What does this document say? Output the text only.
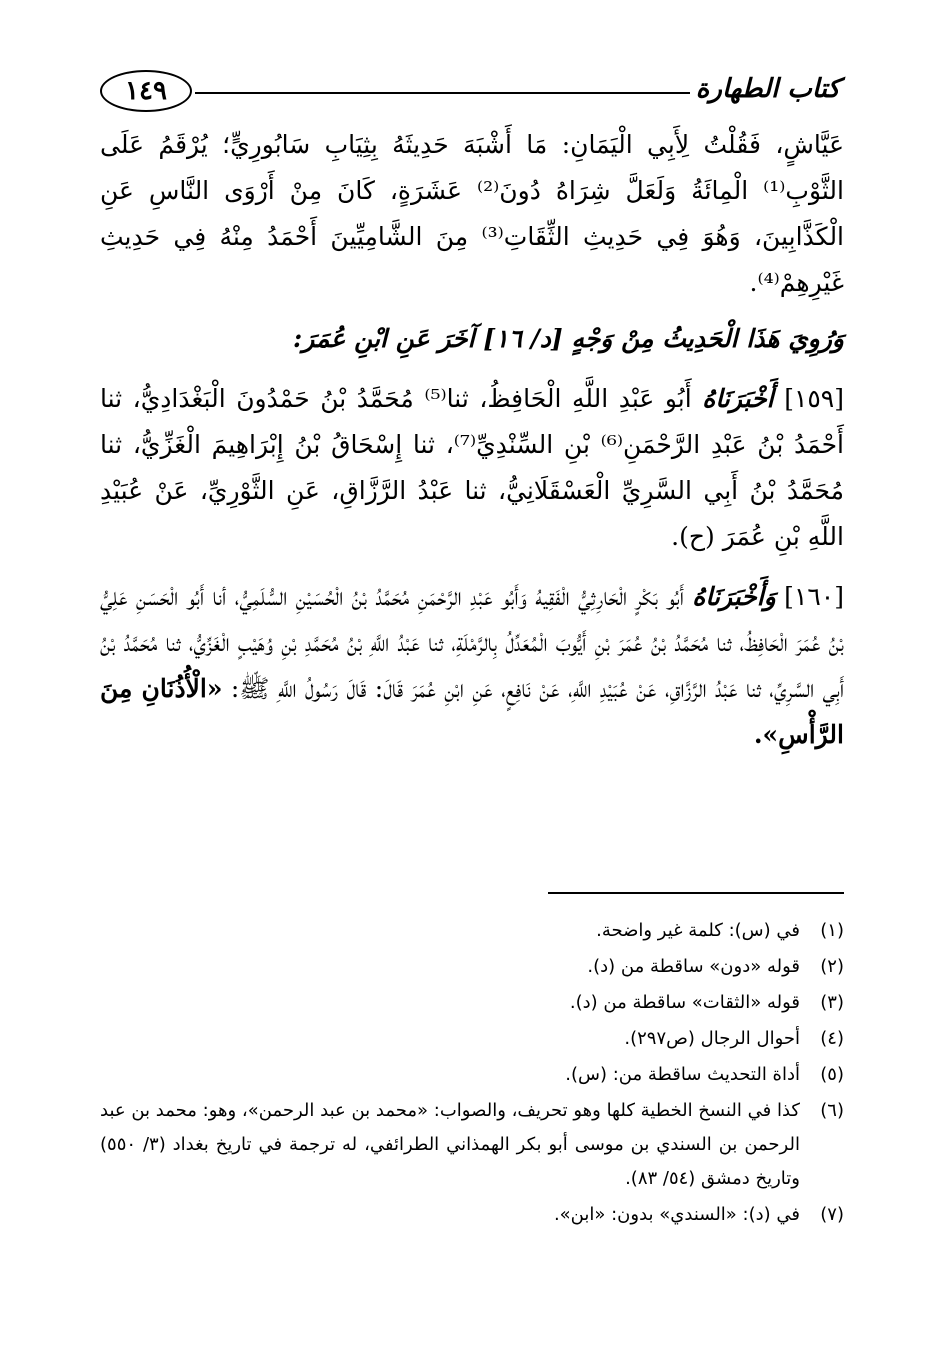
كتاب الطهارة
١٤٩

عَيَّاشٍ، فَقُلْتُ لِأَبِي الْيَمَانِ: مَا أَشْبَهَ حَدِيثَهُ بِثِيَابِ سَابُورِيٍّ؛ يُرْقَمُ عَلَى الثَّوْبِ⁽¹⁾ الْمِائَةُ وَلَعَلَّ شِرَاهُ دُونَ⁽²⁾ عَشَرَةٍ، كَانَ مِنْ أَرْوَى النَّاسِ عَنِ الْكَذَّابِينَ، وَهُوَ فِي حَدِيثِ الثِّقَاتِ⁽³⁾ مِنَ الشَّامِيِّينَ أَحْمَدُ مِنْهُ فِي حَدِيثِ غَيْرِهِمْ⁽⁴⁾.

وَرُوِيَ هَذَا الْحَدِيثُ مِنْ وَجْهٍ [د/ ١٦] آخَرَ عَنِ ابْنِ عُمَرَ:

[١٥٩] أَخْبَرَنَاهُ أَبُو عَبْدِ اللَّهِ الْحَافِظُ، ثنا⁽⁵⁾ مُحَمَّدُ بْنُ حَمْدُونَ الْبَغْدَادِيُّ، ثنا أَحْمَدُ بْنُ عَبْدِ الرَّحْمَنِ⁽⁶⁾ بْنِ السِّنْدِيِّ⁽⁷⁾، ثنا إِسْحَاقُ بْنُ إِبْرَاهِيمَ الْغَزِّيُّ، ثنا مُحَمَّدُ بْنُ أَبِي السَّرِيِّ الْعَسْقَلَانِيُّ، ثنا عَبْدُ الرَّزَّاقِ، عَنِ الثَّوْرِيِّ، عَنْ عُبَيْدِ اللَّهِ بْنِ عُمَرَ (ح).

[١٦٠] وَأَخْبَرَنَاهُ أَبُو بَكْرٍ الْحَارِثِيُّ الْفَقِيهُ وَأَبُو عَبْدِ الرَّحْمَنِ مُحَمَّدُ بْنُ الْحُسَيْنِ السُّلَمِيُّ، أنا أَبُو الْحَسَنِ عَلِيُّ بْنُ عُمَرَ الْحَافِظُ، ثنا مُحَمَّدُ بْنُ عُمَرَ بْنِ أَيُّوبَ الْمُعَدِّلُ بِالرَّمْلَةِ، ثنا عَبْدُ اللَّهِ بْنُ مُحَمَّدِ بْنِ وُهَيْبٍ الْغَزِّيُّ، ثنا مُحَمَّدُ بْنُ أَبِي السَّرِيِّ، ثنا عَبْدُ الرَّزَّاقِ، عَنْ عُبَيْدِ اللَّهِ، عَنْ نَافِعٍ، عَنِ ابْنِ عُمَرَ قَالَ: قَالَ رَسُولُ اللَّهِ ﷺ: «الْأُذُنَانِ مِنَ الرَّأْسِ».

(١)
في (س): كلمة غير واضحة.
(٢)
قوله «دون» ساقطة من (د).
(٣)
قوله «الثقات» ساقطة من (د).
(٤)
أحوال الرجال (ص٢٩٧).
(٥)
أداة التحديث ساقطة من: (س).
(٦)
كذا في النسخ الخطية كلها وهو تحريف، والصواب: «محمد بن عبد الرحمن»، وهو: محمد بن عبد الرحمن بن السندي بن موسى أبو بكر الهمذاني الطرائفي، له ترجمة في تاريخ بغداد (٣/ ٥٥٠) وتاريخ دمشق (٥٤/ ٨٣).
(٧)
في (د): «السندي» بدون: «ابن».
